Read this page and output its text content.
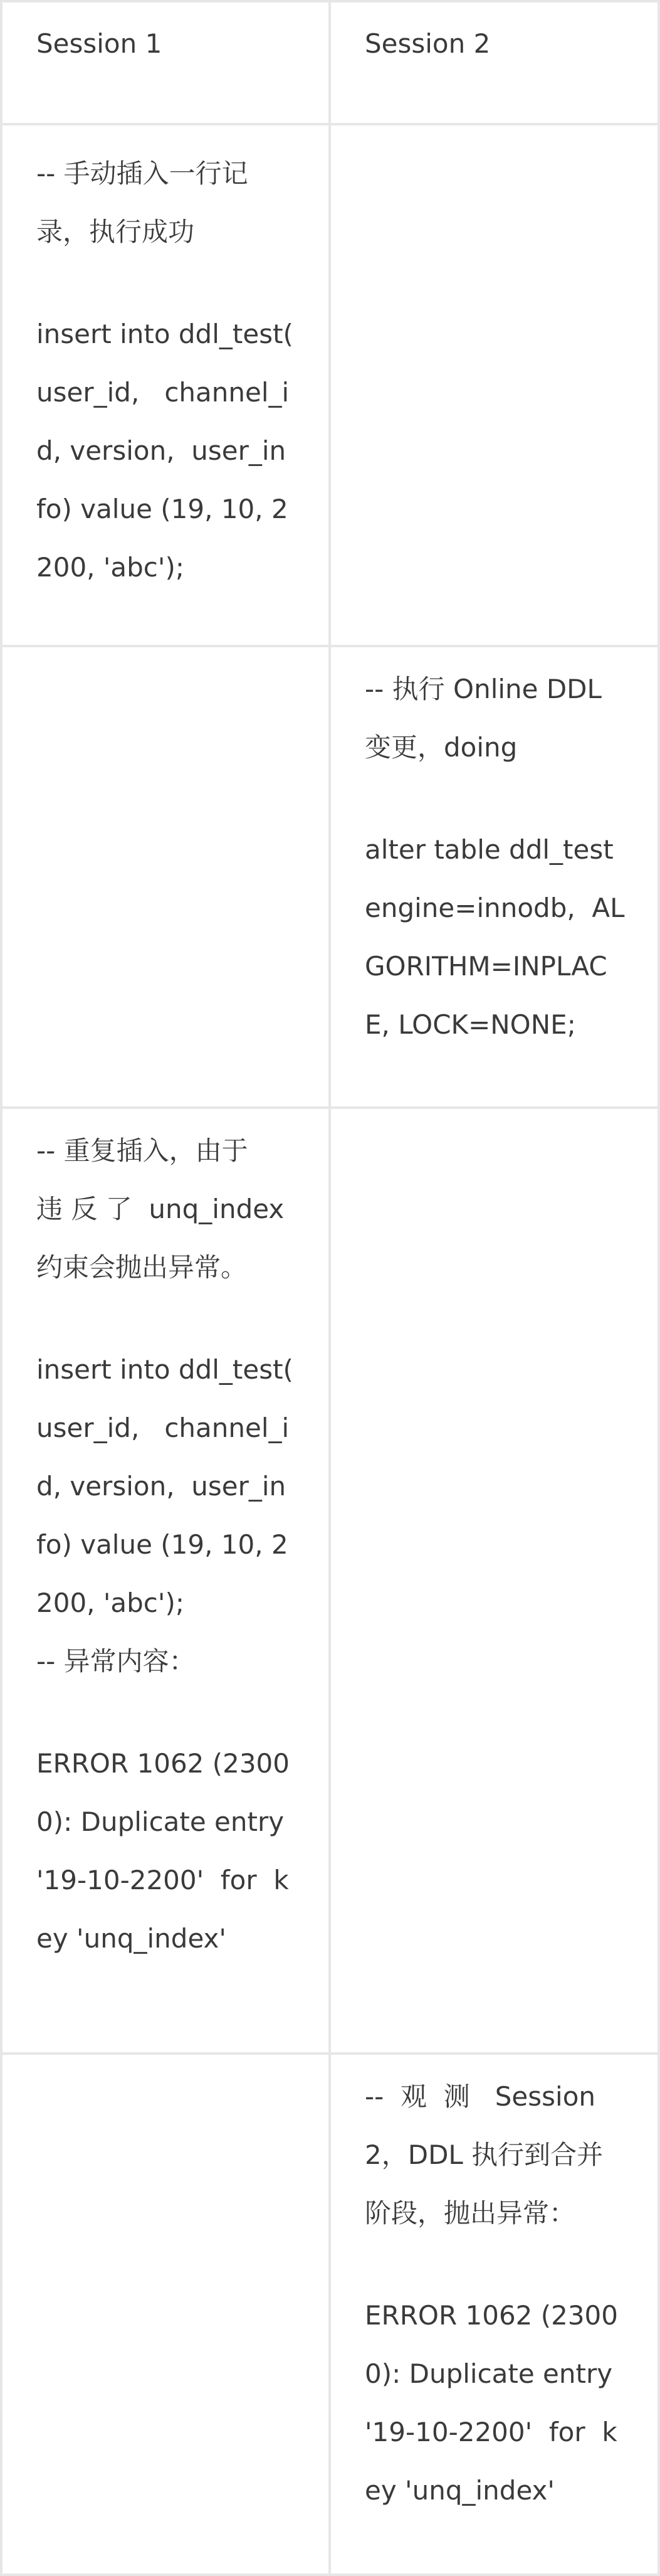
Session 1	Session 2
-- 手动插入一行记
录，执行成功
insert into ddl_test(
user_id,   channel_i
d, version,  user_in
fo) value (19, 10, 2
200, 'abc');
-- 执行 Online DDL
变更，doing
alter table ddl_test
engine=innodb,  AL
GORITHM=INPLAC
E, LOCK=NONE;
-- 重复插入，由于
违 反 了  unq_index
约束会抛出异常。
insert into ddl_test(
user_id,   channel_i
d, version,  user_in
fo) value (19, 10, 2
200, 'abc');
-- 异常内容：
ERROR 1062 (2300
0): Duplicate entry
'19-10-2200'  for  k
ey 'unq_index'
--  观  测   Session
2，DDL 执行到合并
阶段，抛出异常：
ERROR 1062 (2300
0): Duplicate entry
'19-10-2200'  for  k
ey 'unq_index'
